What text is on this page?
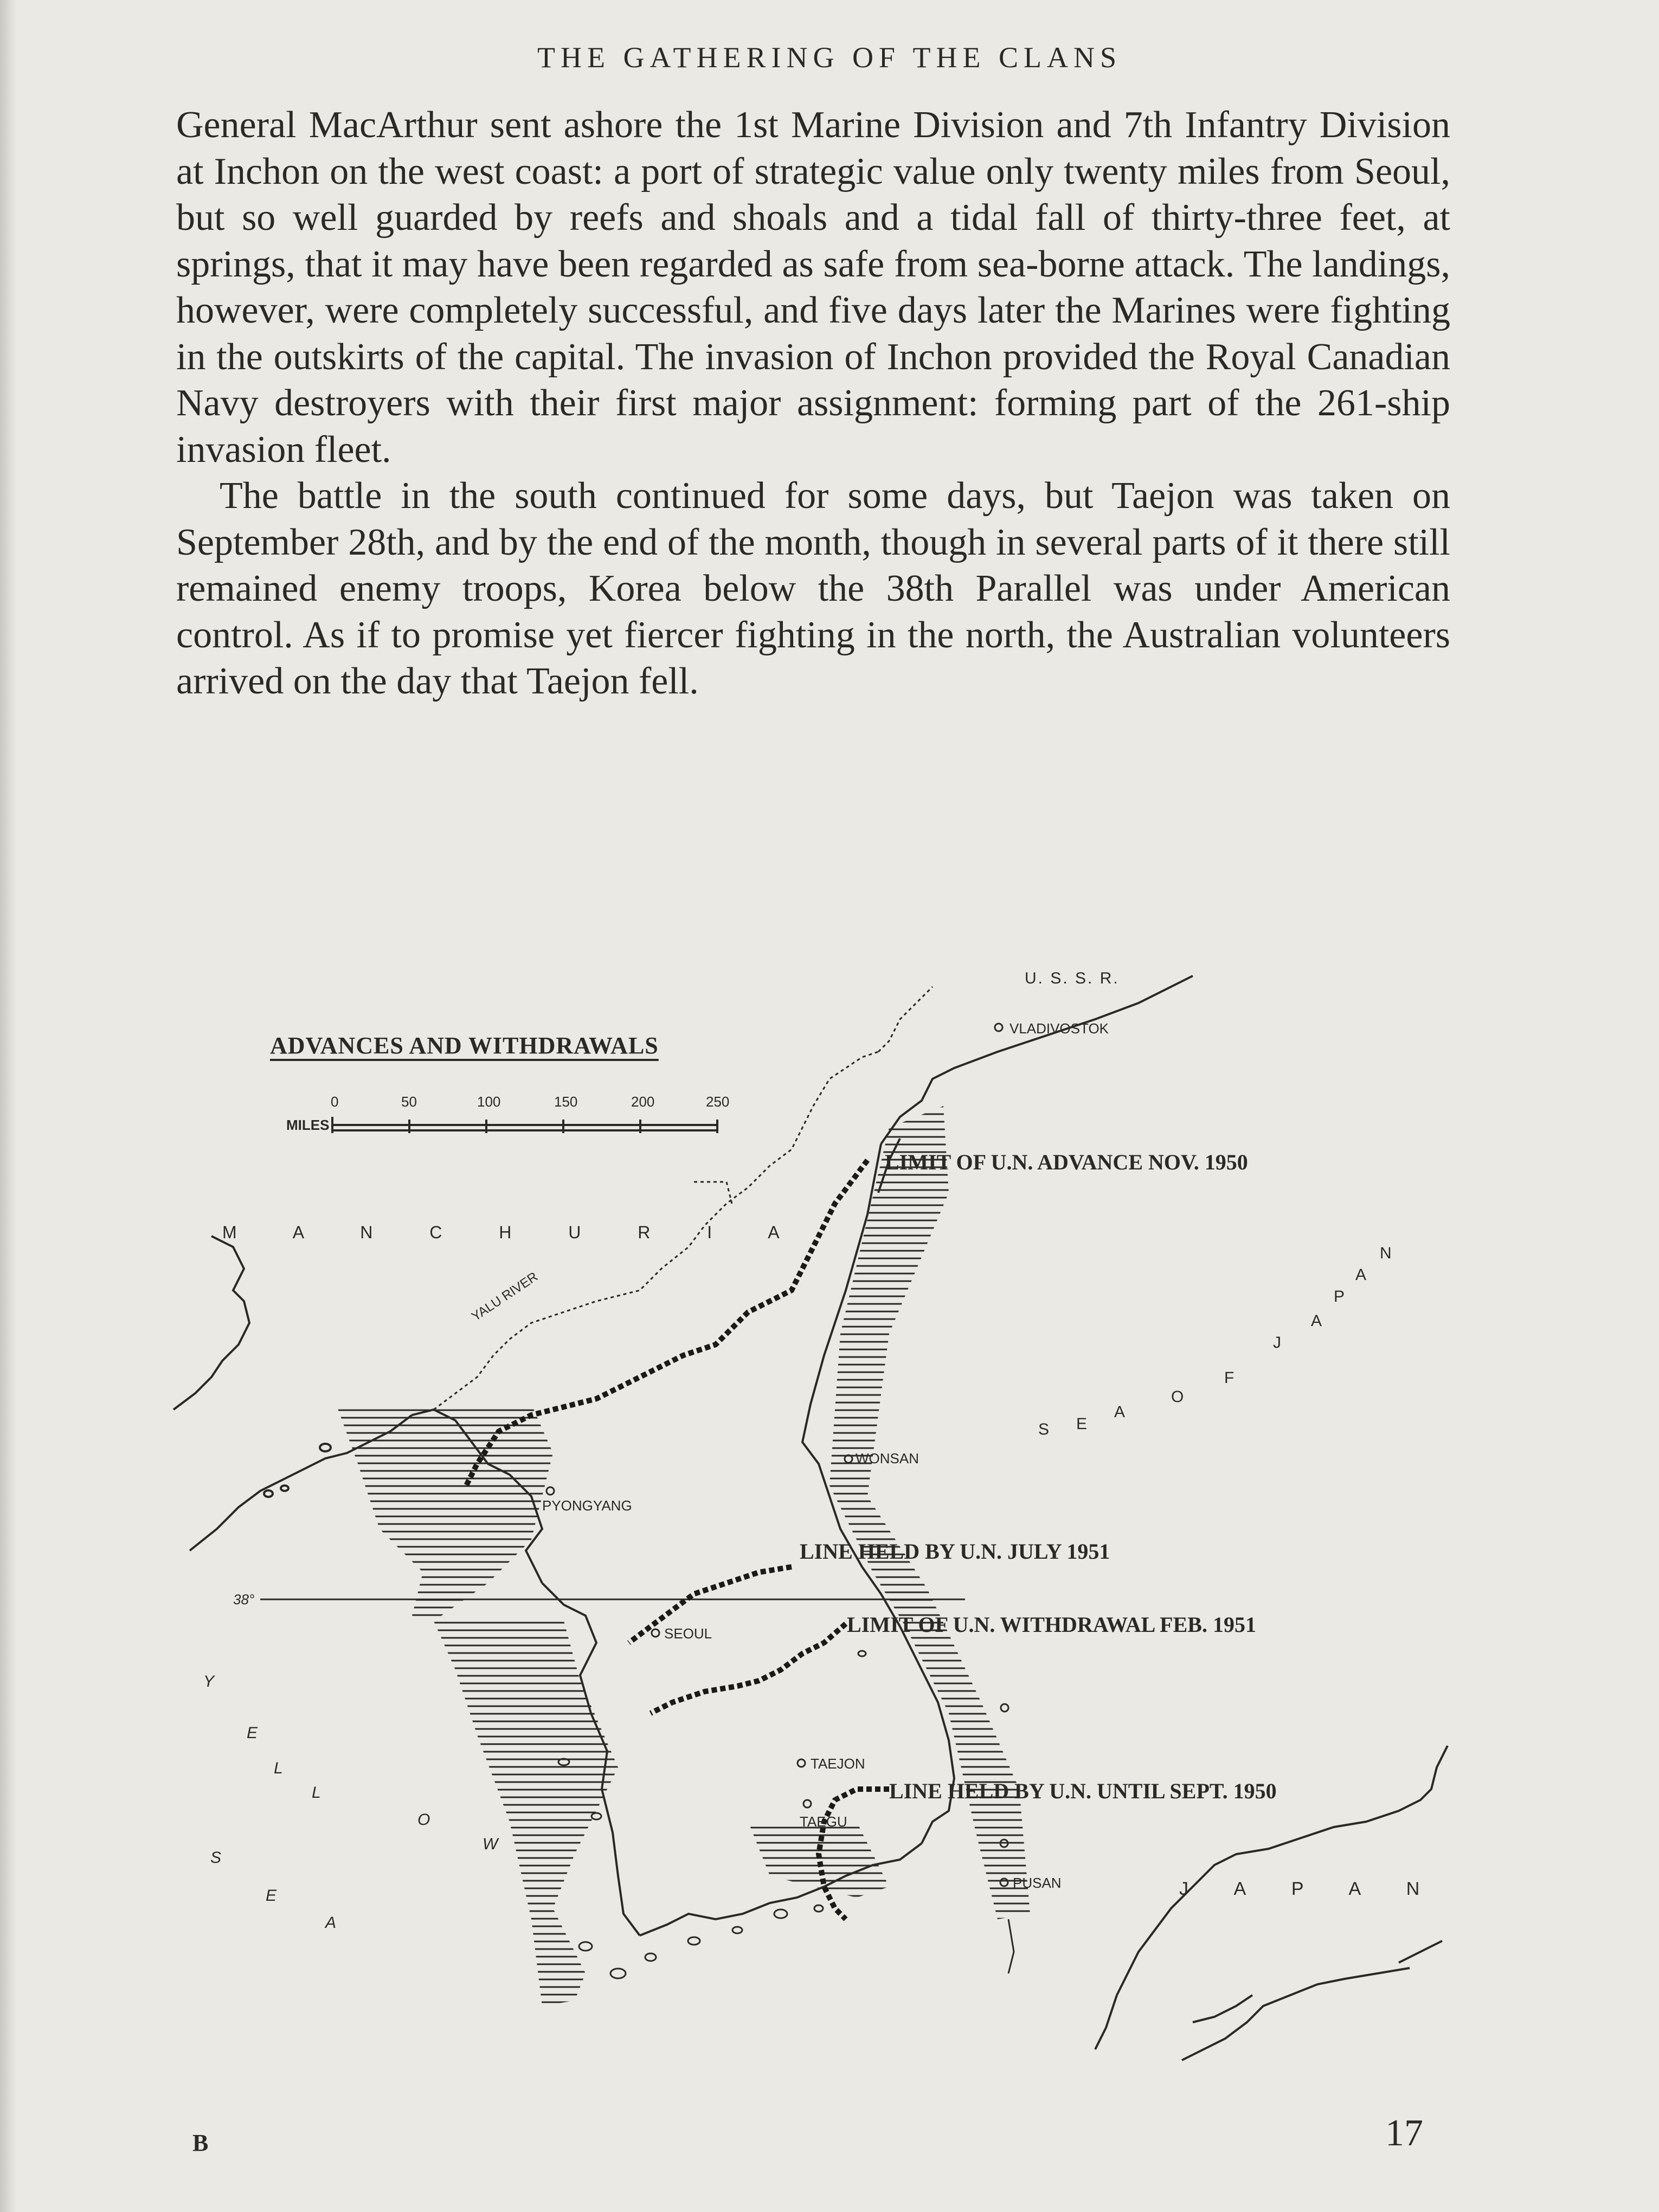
THE GATHERING OF THE CLANS

General MacArthur sent ashore the 1st Marine Division and 7th Infantry Division at Inchon on the west coast: a port of strategic value only twenty miles from Seoul, but so well guarded by reefs and shoals and a tidal fall of thirty-three feet, at springs, that it may have been regarded as safe from sea-borne attack. The landings, however, were completely successful, and five days later the Marines were fighting in the outskirts of the capital. The invasion of Inchon provided the Royal Canadian Navy destroyers with their first major assignment: forming part of the 261-ship invasion fleet.

The battle in the south continued for some days, but Taejon was taken on September 28th, and by the end of the month, though in several parts of it there still remained enemy troops, Korea below the 38th Parallel was under American control. As if to promise yet fiercer fighting in the north, the Australian volunteers arrived on the day that Taejon fell.

ADVANCES AND WITHDRAWALS
0	50	100	150	200	250
MILES
U. S. S. R.
VLADIVOSTOK
M A N C H U R I A
YALU RIVER
WONSAN
PYONGYANG
SEOUL
TAEJON
TAEGU
PUSAN
38°
LIMIT OF U.N. ADVANCE NOV. 1950
LINE HELD BY U.N. JULY 1951
LIMIT OF U.N. WITHDRAWAL FEB. 1951
LINE HELD BY U.N. UNTIL SEPT. 1950
S E
A
O
F
J
A
P
A
N
Y
E
L
L
O
W
S
E
A
J A P A N
B	17
